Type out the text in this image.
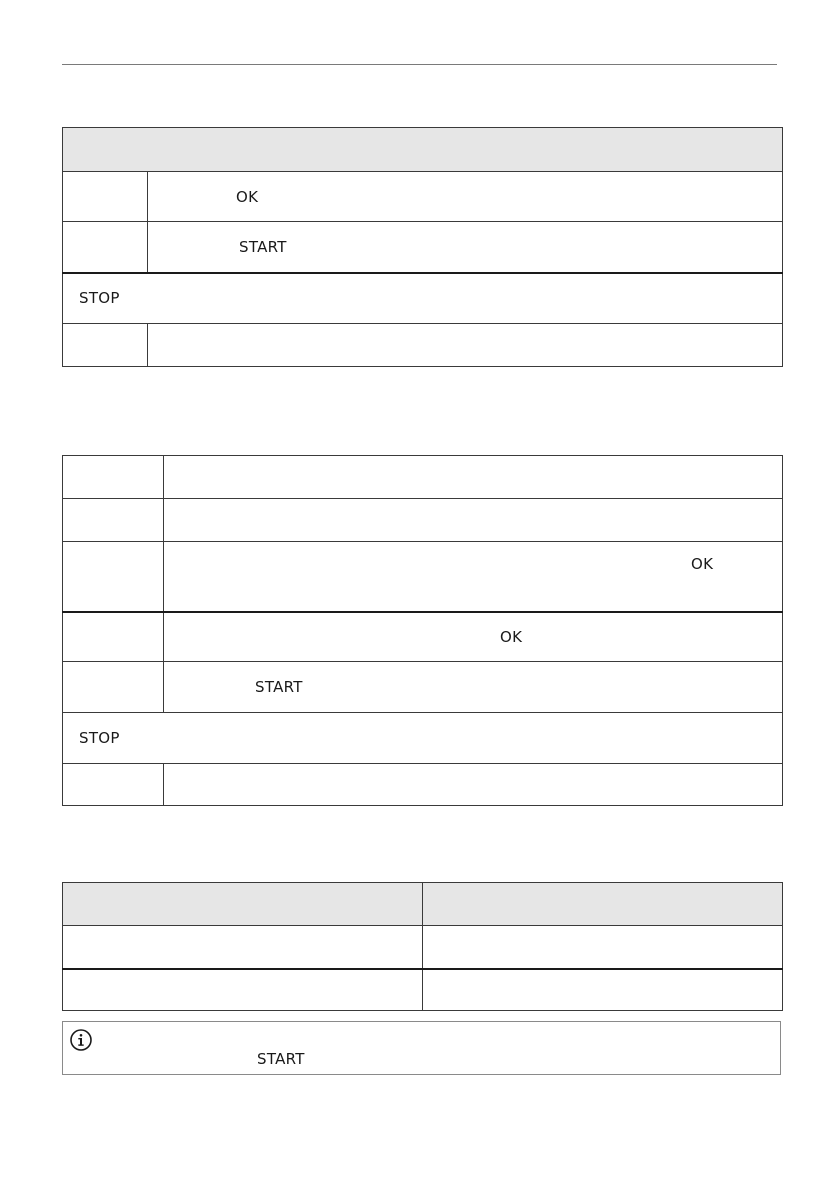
	OK
	START
STOP	

	OK
	OK
	START
STOP	

START
